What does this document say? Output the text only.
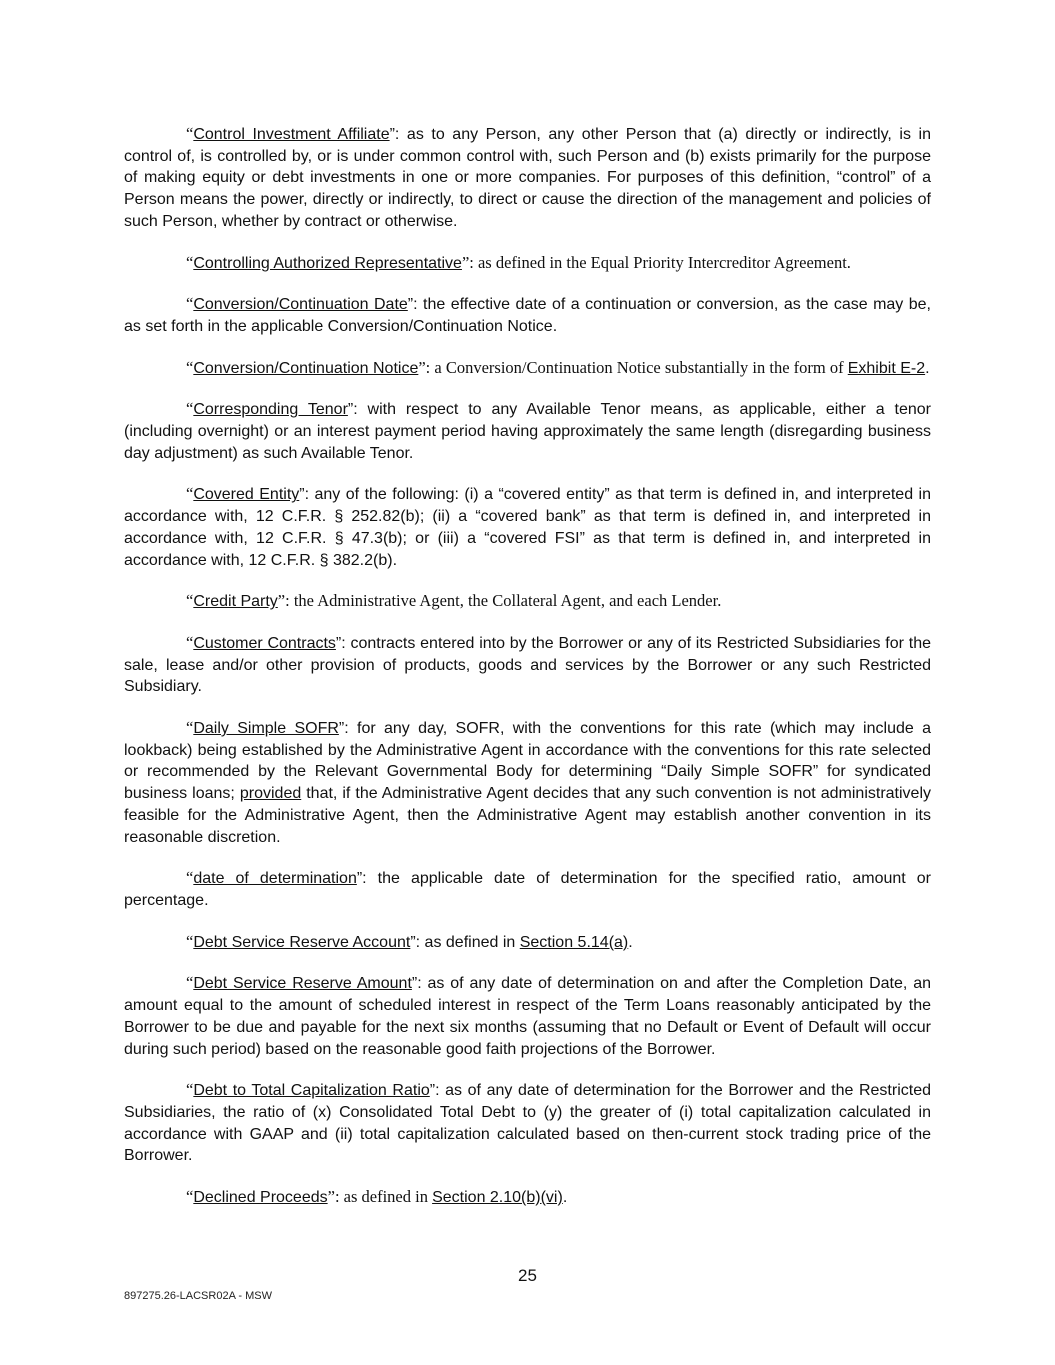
“Control Investment Affiliate”: as to any Person, any other Person that (a) directly or indirectly, is in control of, is controlled by, or is under common control with, such Person and (b) exists primarily for the purpose of making equity or debt investments in one or more companies. For purposes of this definition, “control” of a Person means the power, directly or indirectly, to direct or cause the direction of the management and policies of such Person, whether by contract or otherwise.

“Controlling Authorized Representative”: as defined in the Equal Priority Intercreditor Agreement.

“Conversion/Continuation Date”: the effective date of a continuation or conversion, as the case may be, as set forth in the applicable Conversion/Continuation Notice.

“Conversion/Continuation Notice”: a Conversion/Continuation Notice substantially in the form of Exhibit E-2.

“Corresponding Tenor”: with respect to any Available Tenor means, as applicable, either a tenor (including overnight) or an interest payment period having approximately the same length (disregarding business day adjustment) as such Available Tenor.

“Covered Entity”: any of the following: (i) a “covered entity” as that term is defined in, and interpreted in accordance with, 12 C.F.R. § 252.82(b); (ii) a “covered bank” as that term is defined in, and interpreted in accordance with, 12 C.F.R. § 47.3(b); or (iii) a “covered FSI” as that term is defined in, and interpreted in accordance with, 12 C.F.R. § 382.2(b).

“Credit Party”: the Administrative Agent, the Collateral Agent, and each Lender.

“Customer Contracts”: contracts entered into by the Borrower or any of its Restricted Subsidiaries for the sale, lease and/or other provision of products, goods and services by the Borrower or any such Restricted Subsidiary.

“Daily Simple SOFR”: for any day, SOFR, with the conventions for this rate (which may include a lookback) being established by the Administrative Agent in accordance with the conventions for this rate selected or recommended by the Relevant Governmental Body for determining “Daily Simple SOFR” for syndicated business loans; provided that, if the Administrative Agent decides that any such convention is not administratively feasible for the Administrative Agent, then the Administrative Agent may establish another convention in its reasonable discretion.

“date of determination”: the applicable date of determination for the specified ratio, amount or percentage.

“Debt Service Reserve Account”: as defined in Section 5.14(a).

“Debt Service Reserve Amount”: as of any date of determination on and after the Completion Date, an amount equal to the amount of scheduled interest in respect of the Term Loans reasonably anticipated by the Borrower to be due and payable for the next six months (assuming that no Default or Event of Default will occur during such period) based on the reasonable good faith projections of the Borrower.

“Debt to Total Capitalization Ratio”: as of any date of determination for the Borrower and the Restricted Subsidiaries, the ratio of (x) Consolidated Total Debt to (y) the greater of (i) total capitalization calculated in accordance with GAAP and (ii) total capitalization calculated based on then-current stock trading price of the Borrower.

“Declined Proceeds”: as defined in Section 2.10(b)(vi).

25
897275.26-LACSR02A - MSW
